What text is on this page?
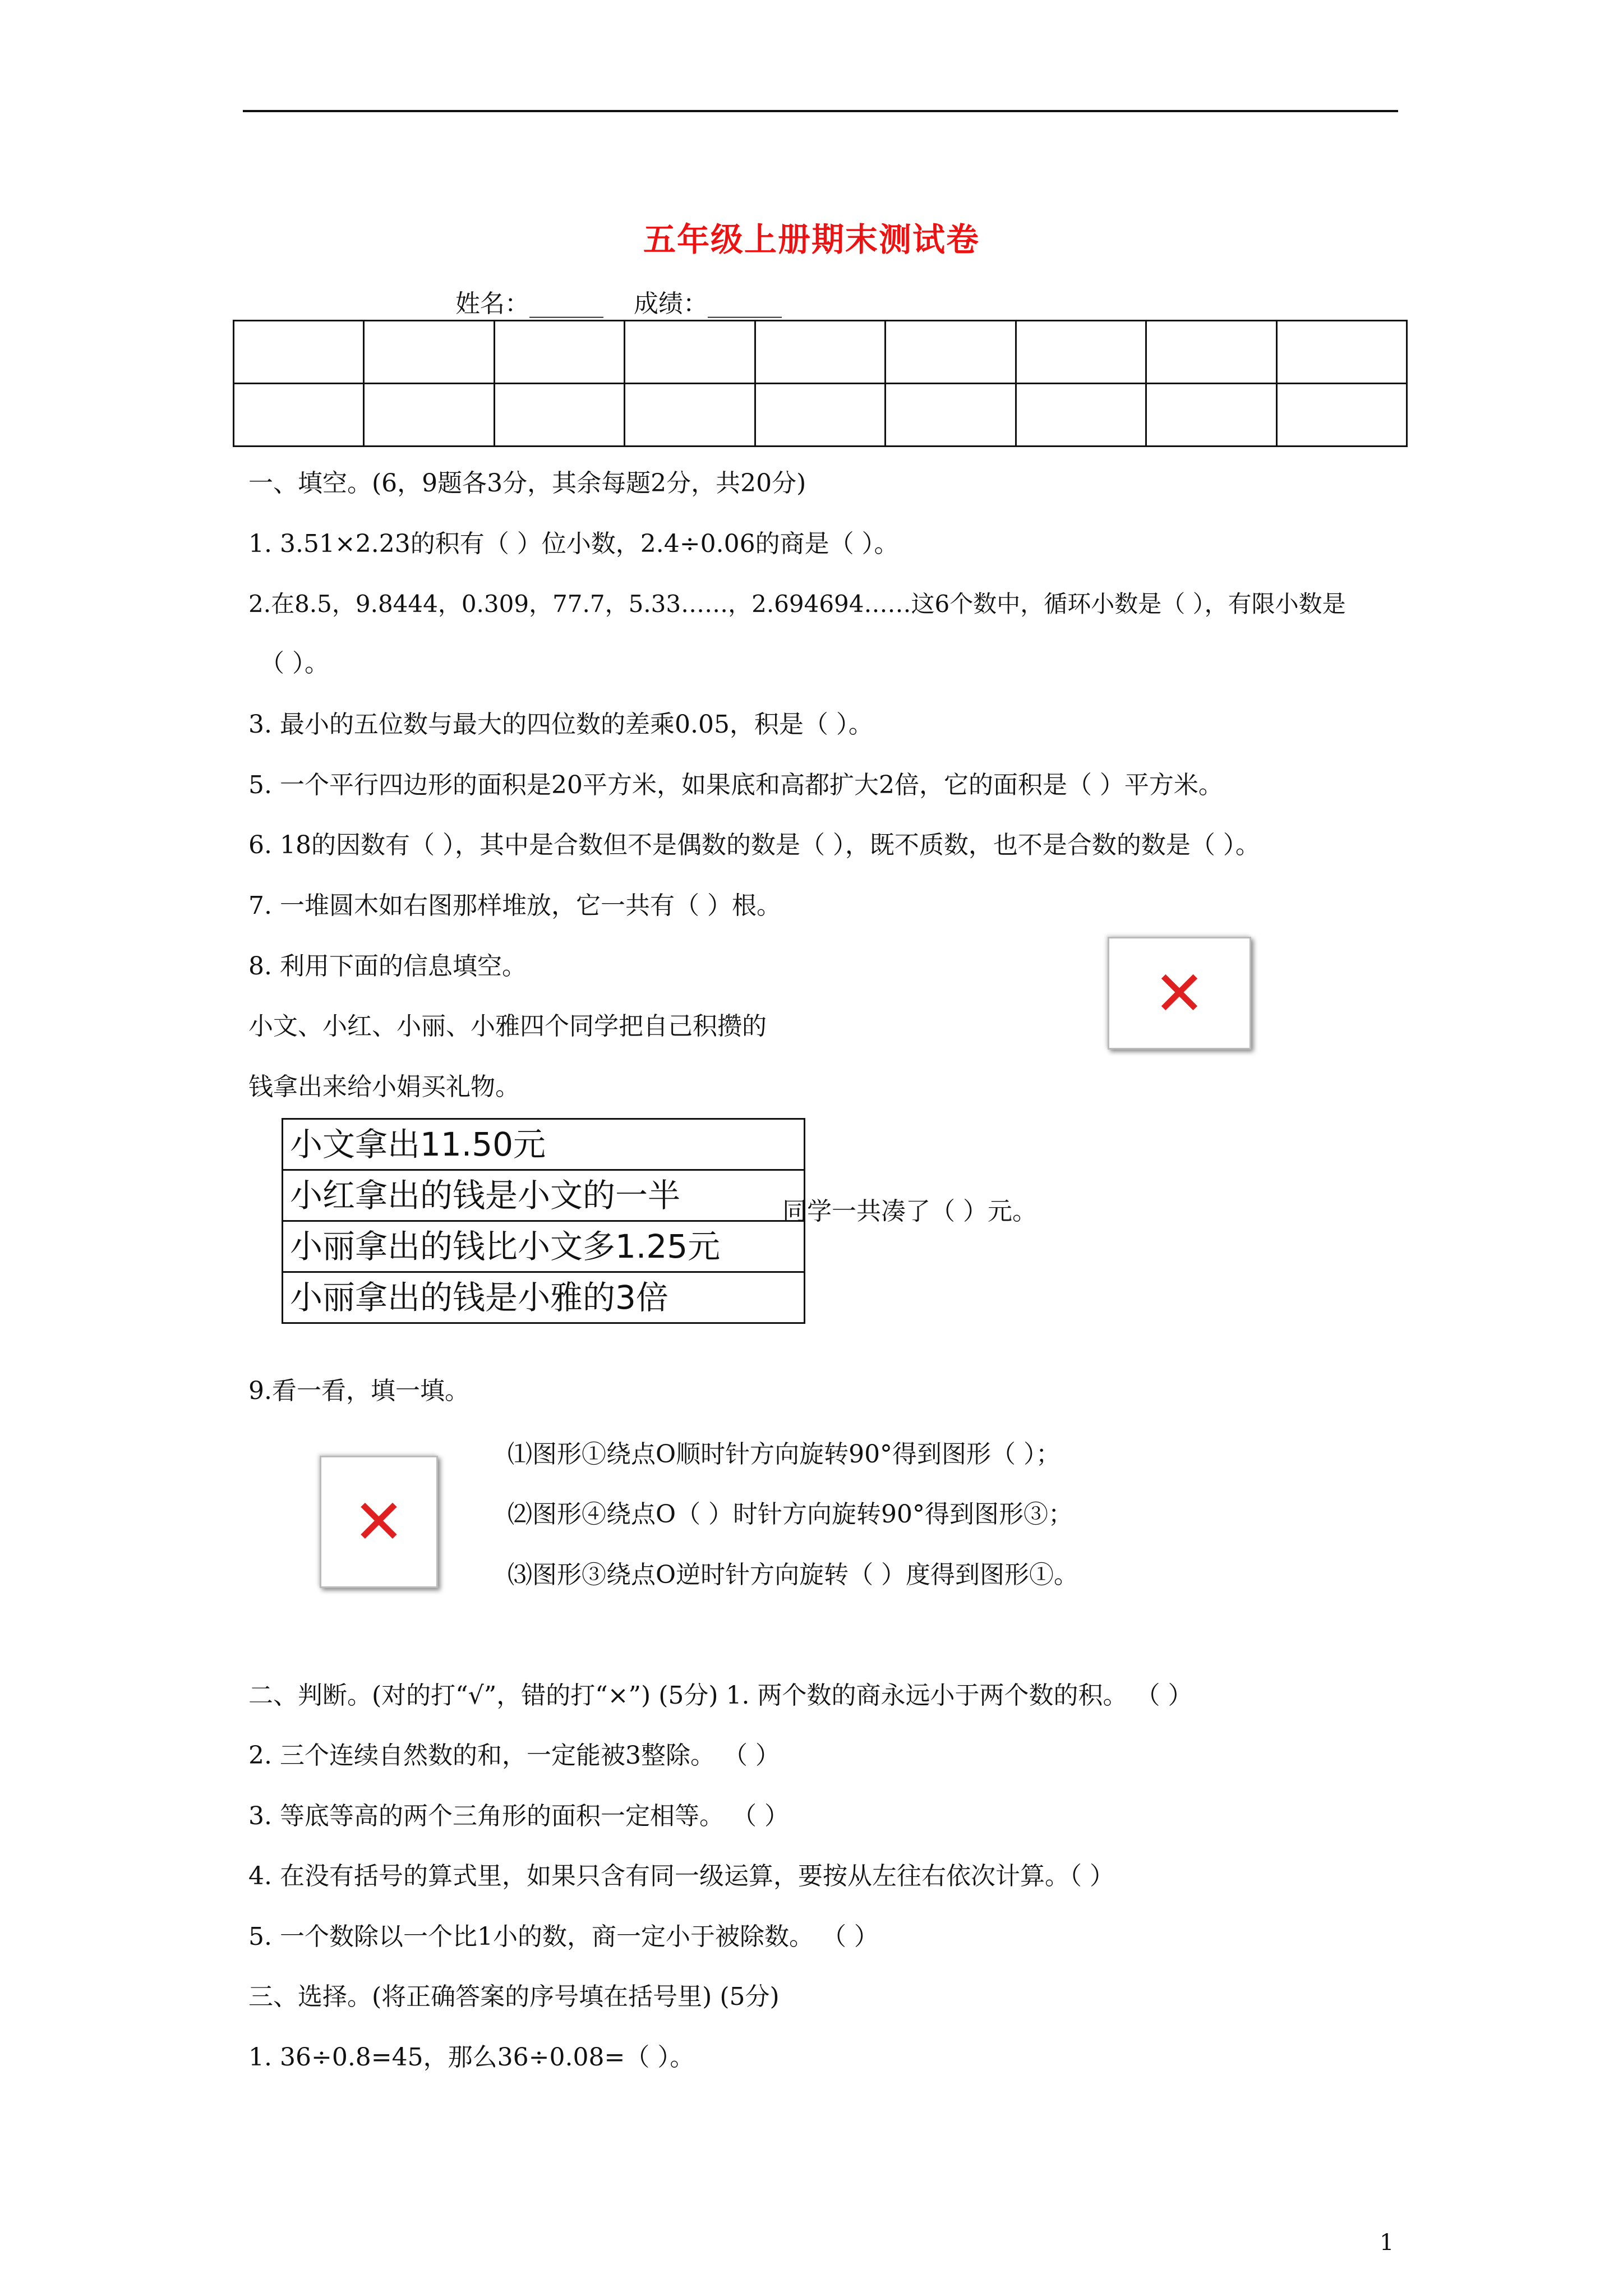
五年级上册期末测试卷
姓名：______ 成绩：______

一、填空。(6，9题各3分，其余每题2分，共20分)
1. 3.51×2.23的积有（ ）位小数，2.4÷0.06的商是（ ）。
2.在8.5，9.8444，0.309，77.7，5.33……，2.694694……这6个数中，循环小数是（ ），有限小数是
（ ）。
3. 最小的五位数与最大的四位数的差乘0.05，积是（ ）。
5. 一个平行四边形的面积是20平方米，如果底和高都扩大2倍，它的面积是（ ）平方米。
6. 18的因数有（ ），其中是合数但不是偶数的数是（ ），既不质数，也不是合数的数是（ ）。
7. 一堆圆木如右图那样堆放，它一共有（ ）根。
8. 利用下面的信息填空。
小文、小红、小丽、小雅四个同学把自己积攒的
钱拿出来给小娟买礼物。
✕
小文拿出11.50元
小红拿出的钱是小文的一半
小丽拿出的钱比小文多1.25元
小丽拿出的钱是小雅的3倍
同学一共凑了（ ）元。
9.看一看，填一填。
✕
⑴图形①绕点O顺时针方向旋转90°得到图形（ ）；
⑵图形④绕点O（ ）时针方向旋转90°得到图形③；
⑶图形③绕点O逆时针方向旋转（ ）度得到图形①。
二、判断。(对的打“√”，错的打“×”) (5分) 1. 两个数的商永远小于两个数的积。 （ ）
2. 三个连续自然数的和，一定能被3整除。 （ ）
3. 等底等高的两个三角形的面积一定相等。 （ ）
4. 在没有括号的算式里，如果只含有同一级运算，要按从左往右依次计算。（ ）
5. 一个数除以一个比1小的数，商一定小于被除数。 （ ）
三、选择。(将正确答案的序号填在括号里) (5分)
1. 36÷0.8=45，那么36÷0.08=（ ）。
1
